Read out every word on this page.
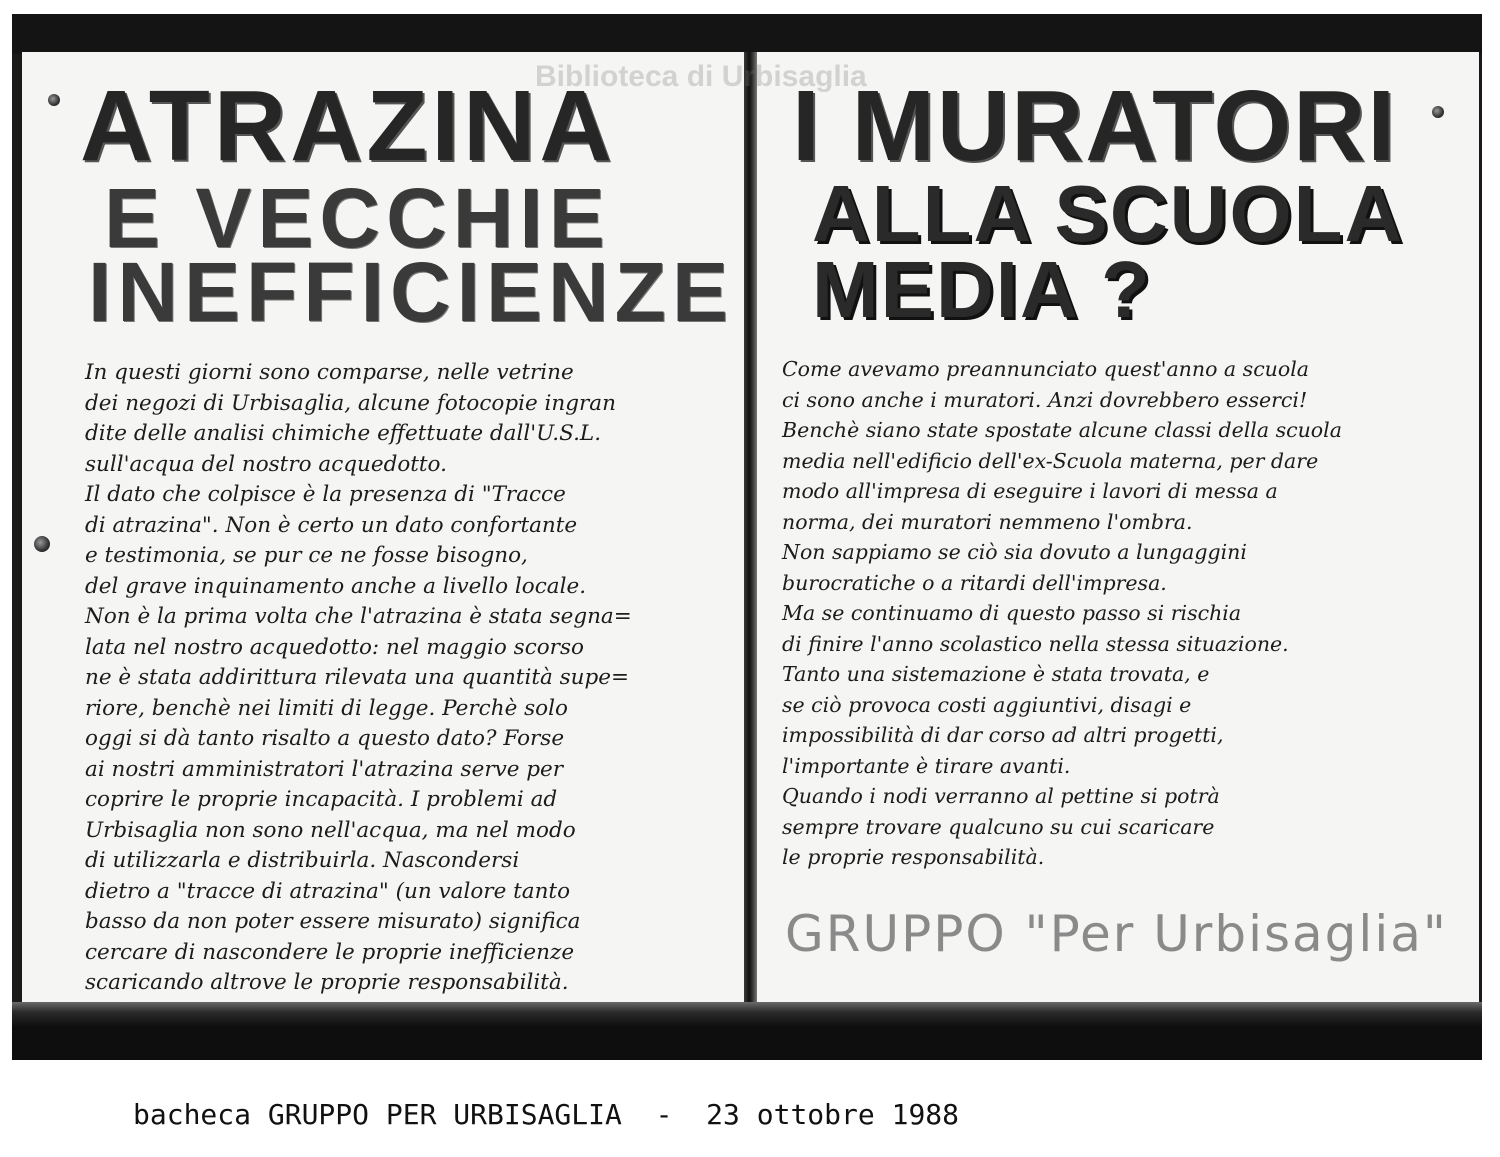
ATRAZINA
E VECCHIE
INEFFICIENZE
I MURATORI
ALLA SCUOLA
MEDIA ?
In questi giorni sono comparse, nelle vetrine
dei negozi di Urbisaglia, alcune fotocopie ingran
dite delle analisi chimiche effettuate dall'U.S.L.
sull'acqua del nostro acquedotto.
Il dato che colpisce è la presenza di "Tracce
di atrazina". Non è certo un dato confortante
e testimonia, se pur ce ne fosse bisogno,
del grave inquinamento anche a livello locale.
Non è la prima volta che l'atrazina è stata segna=
lata nel nostro acquedotto: nel maggio scorso
ne è stata addirittura rilevata una quantità supe=
riore, benchè nei limiti di legge. Perchè solo
oggi si dà tanto risalto a questo dato? Forse
ai nostri amministratori l'atrazina serve per
coprire le proprie incapacità. I problemi ad
Urbisaglia non sono nell'acqua, ma nel modo
di utilizzarla e distribuirla. Nascondersi
dietro a "tracce di atrazina" (un valore tanto
basso da non poter essere misurato) significa
cercare di nascondere le proprie inefficienze
scaricando altrove le proprie responsabilità.
Come avevamo preannunciato quest'anno a scuola
ci sono anche i muratori. Anzi dovrebbero esserci!
Benchè siano state spostate alcune classi della scuola
media nell'edificio dell'ex-Scuola materna, per dare
modo all'impresa di eseguire i lavori di messa a
norma, dei muratori nemmeno l'ombra.
Non sappiamo se ciò sia dovuto a lungaggini
burocratiche o a ritardi dell'impresa.
Ma se continuamo di questo passo si rischia
di finire l'anno scolastico nella stessa situazione.
Tanto una sistemazione è stata trovata, e
se ciò provoca costi aggiuntivi, disagi e
impossibilità di dar corso ad altri progetti,
l'importante è tirare avanti.
Quando i nodi verranno al pettine si potrà
sempre trovare qualcuno su cui scaricare
le proprie responsabilità.
Biblioteca di Urbisaglia
GRUPPO "Per Urbisaglia"
bacheca GRUPPO PER URBISAGLIA  -  23 ottobre 1988
